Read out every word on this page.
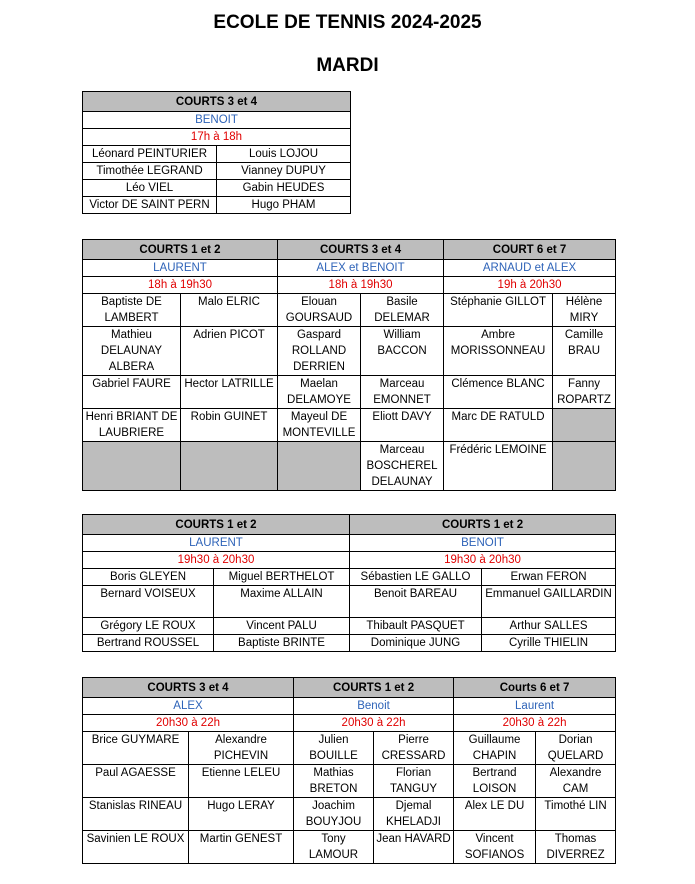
ECOLE DE TENNIS 2024-2025
MARDI
COURTS 3 et 4	
BENOIT	
17h à 18h	
Léonard PEINTURIER	Louis LOJOU
Timothée LEGRAND	Vianney DUPUY
Léo VIEL	Gabin HEUDES
Victor DE SAINT PERN	Hugo PHAM
COURTS 1 et 2		COURTS 3 et 4		COURT 6 et 7	
LAURENT		ALEX et BENOIT		ARNAUD et ALEX	
18h à 19h30		18h à 19h30		19h à 20h30	
Baptiste DE LAMBERT	Malo ELRIC	Elouan GOURSAUD	Basile DELEMAR	Stéphanie GILLOT	Hélène MIRY
Mathieu DELAUNAY ALBERA	Adrien PICOT	Gaspard ROLLAND DERRIEN	William BACCON	Ambre MORISSONNEAU	Camille BRAU
Gabriel FAURE	Hector LATRILLE	Maelan DELAMOYE	Marceau EMONNET	Clémence BLANC	Fanny ROPARTZ
Henri BRIANT DE LAUBRIERE	Robin GUINET	Mayeul DE MONTEVILLE	Eliott DAVY	Marc DE RATULD	
			Marceau BOSCHEREL DELAUNAY	Frédéric LEMOINE	
COURTS 1 et 2		COURTS 1 et 2	
LAURENT		BENOIT	
19h30 à 20h30		19h30 à 20h30	
Boris GLEYEN	Miguel BERTHELOT	Sébastien LE GALLO	Erwan FERON
Bernard VOISEUX	Maxime ALLAIN	Benoit BAREAU	Emmanuel GAILLARDIN
Grégory LE ROUX	Vincent PALU	Thibault PASQUET	Arthur SALLES
Bertrand ROUSSEL	Baptiste BRINTE	Dominique JUNG	Cyrille THIELIN
COURTS 3 et 4		COURTS 1 et 2		Courts 6 et 7	
ALEX		Benoit		Laurent	
20h30 à 22h		20h30 à 22h		20h30 à 22h	
Brice GUYMARE	Alexandre PICHEVIN	Julien BOUILLE	Pierre CRESSARD	Guillaume CHAPIN	Dorian QUELARD
Paul AGAESSE	Etienne LELEU	Mathias BRETON	Florian TANGUY	Bertrand LOISON	Alexandre CAM
Stanislas RINEAU	Hugo LERAY	Joachim BOUYJOU	Djemal KHELADJI	Alex LE DU	Timothé LIN
Savinien LE ROUX	Martin GENEST	Tony LAMOUR	Jean HAVARD	Vincent SOFIANOS	Thomas DIVERREZ
